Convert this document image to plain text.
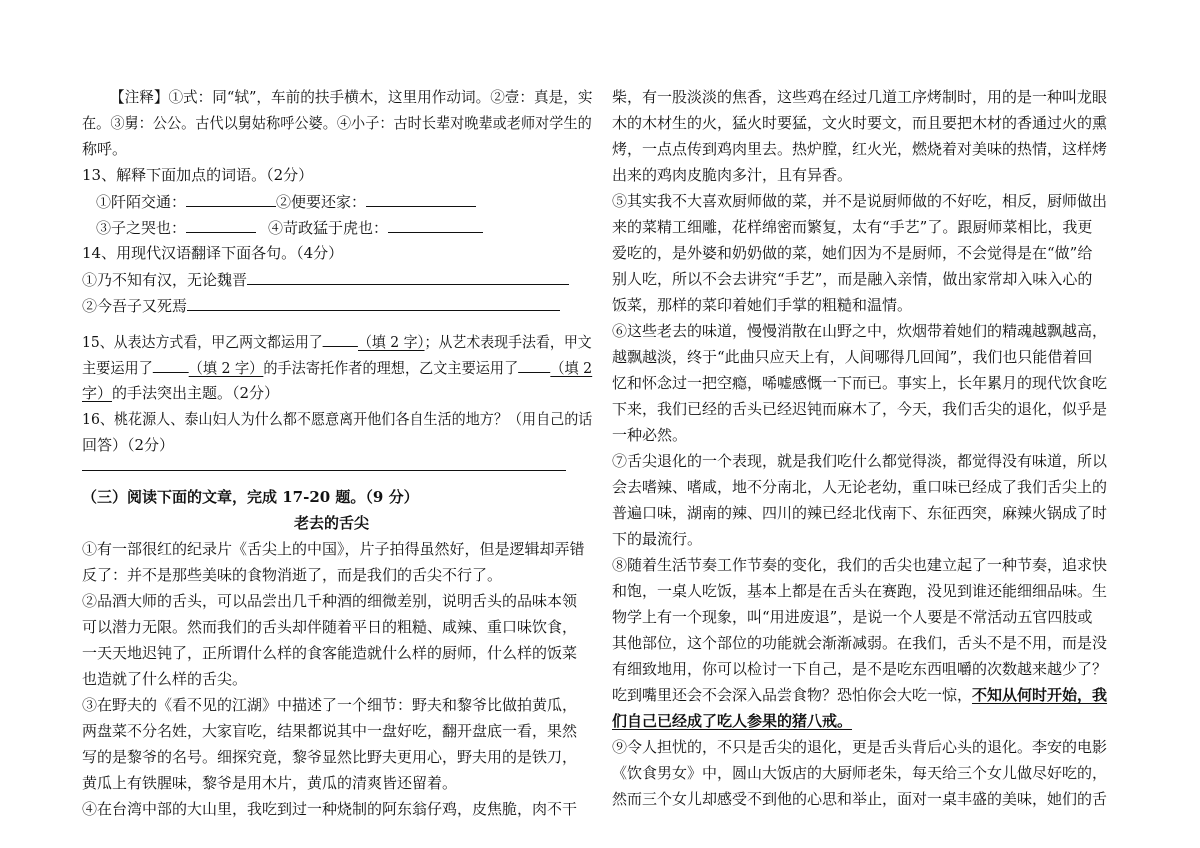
【注释】①式：同“轼”，车前的扶手横木，这里用作动词。②壹：真是，实
在。③舅：公公。古代以舅姑称呼公婆。④小子：古时长辈对晚辈或老师对学生的
称呼。
13、解释下面加点的词语。（2分）
①阡陌交通：	②便要还家：
③子之哭也：	④苛政猛于虎也：
14、用现代汉语翻译下面各句。（4分）
①乃不知有汉，无论魏晋
②今吾子又死焉
15、从表达方式看，甲乙两文都运用了 （填 2 字）；从艺术表现手法看，甲文
主要运用了 （填 2 字）的手法寄托作者的理想，乙文主要运用了 （填 2
字）的手法突出主题。（2分）
16、桃花源人、泰山妇人为什么都不愿意离开他们各自生活的地方？（用自己的话
回答）（2分）
（三）阅读下面的文章，完成 17-20 题。（9 分）
老去的舌尖
①有一部很红的纪录片《舌尖上的中国》，片子拍得虽然好，但是逻辑却弄错
反了：并不是那些美味的食物消逝了，而是我们的舌尖不行了。
②品酒大师的舌头，可以品尝出几千种酒的细微差别，说明舌头的品味本领
可以潜力无限。然而我们的舌头却伴随着平日的粗糙、咸辣、重口味饮食，
一天天地迟钝了，正所谓什么样的食客能造就什么样的厨师，什么样的饭菜
也造就了什么样的舌尖。
③在野夫的《看不见的江湖》中描述了一个细节：野夫和黎爷比做拍黄瓜，
两盘菜不分名姓，大家盲吃，结果都说其中一盘好吃，翻开盘底一看，果然
写的是黎爷的名号。细探究竟，黎爷显然比野夫更用心，野夫用的是铁刀，
黄瓜上有铁腥味，黎爷是用木片，黄瓜的清爽皆还留着。
④在台湾中部的大山里，我吃到过一种烧制的阿东翁仔鸡，皮焦脆，肉不干
柴，有一股淡淡的焦香，这些鸡在经过几道工序烤制时，用的是一种叫龙眼
木的木材生的火，猛火时要猛，文火时要文，而且要把木材的香通过火的熏
烤，一点点传到鸡肉里去。热炉膛，红火光，燃烧着对美味的热情，这样烤
出来的鸡肉皮脆肉多汁，且有异香。
⑤其实我不大喜欢厨师做的菜，并不是说厨师做的不好吃，相反，厨师做出
来的菜精工细雕，花样绵密而繁复，太有“手艺”了。跟厨师菜相比，我更
爱吃的，是外婆和奶奶做的菜，她们因为不是厨师，不会觉得是在“做”给
别人吃，所以不会去讲究“手艺”，而是融入亲情，做出家常却入味入心的
饭菜，那样的菜印着她们手掌的粗糙和温情。
⑥这些老去的味道，慢慢消散在山野之中，炊烟带着她们的精魂越飘越高，
越飘越淡，终于“此曲只应天上有，人间哪得几回闻”，我们也只能借着回
忆和怀念过一把空瘾，唏嘘感慨一下而已。事实上，长年累月的现代饮食吃
下来，我们已经的舌头已经迟钝而麻木了，今天，我们舌尖的退化，似乎是
一种必然。
⑦舌尖退化的一个表现，就是我们吃什么都觉得淡，都觉得没有味道，所以
会去嗜辣、嗜咸，地不分南北，人无论老幼，重口味已经成了我们舌尖上的
普遍口味，湖南的辣、四川的辣已经北伐南下、东征西突，麻辣火锅成了时
下的最流行。
⑧随着生活节奏工作节奏的变化，我们的舌尖也建立起了一种节奏，追求快
和饱，一桌人吃饭，基本上都是在舌头在赛跑，没见到谁还能细细品味。生
物学上有一个现象，叫“用进废退”，是说一个人要是不常活动五官四肢或
其他部位，这个部位的功能就会渐渐减弱。在我们，舌头不是不用，而是没
有细致地用，你可以检讨一下自己，是不是吃东西咀嚼的次数越来越少了？
吃到嘴里还会不会深入品尝食物？恐怕你会大吃一惊，不知从何时开始，我
们自己已经成了吃人参果的猪八戒。
⑨令人担忧的，不只是舌尖的退化，更是舌头背后心头的退化。李安的电影
《饮食男女》中，圆山大饭店的大厨师老朱，每天给三个女儿做尽好吃的，
然而三个女儿却感受不到他的心思和举止，面对一桌丰盛的美味，她们的舌
